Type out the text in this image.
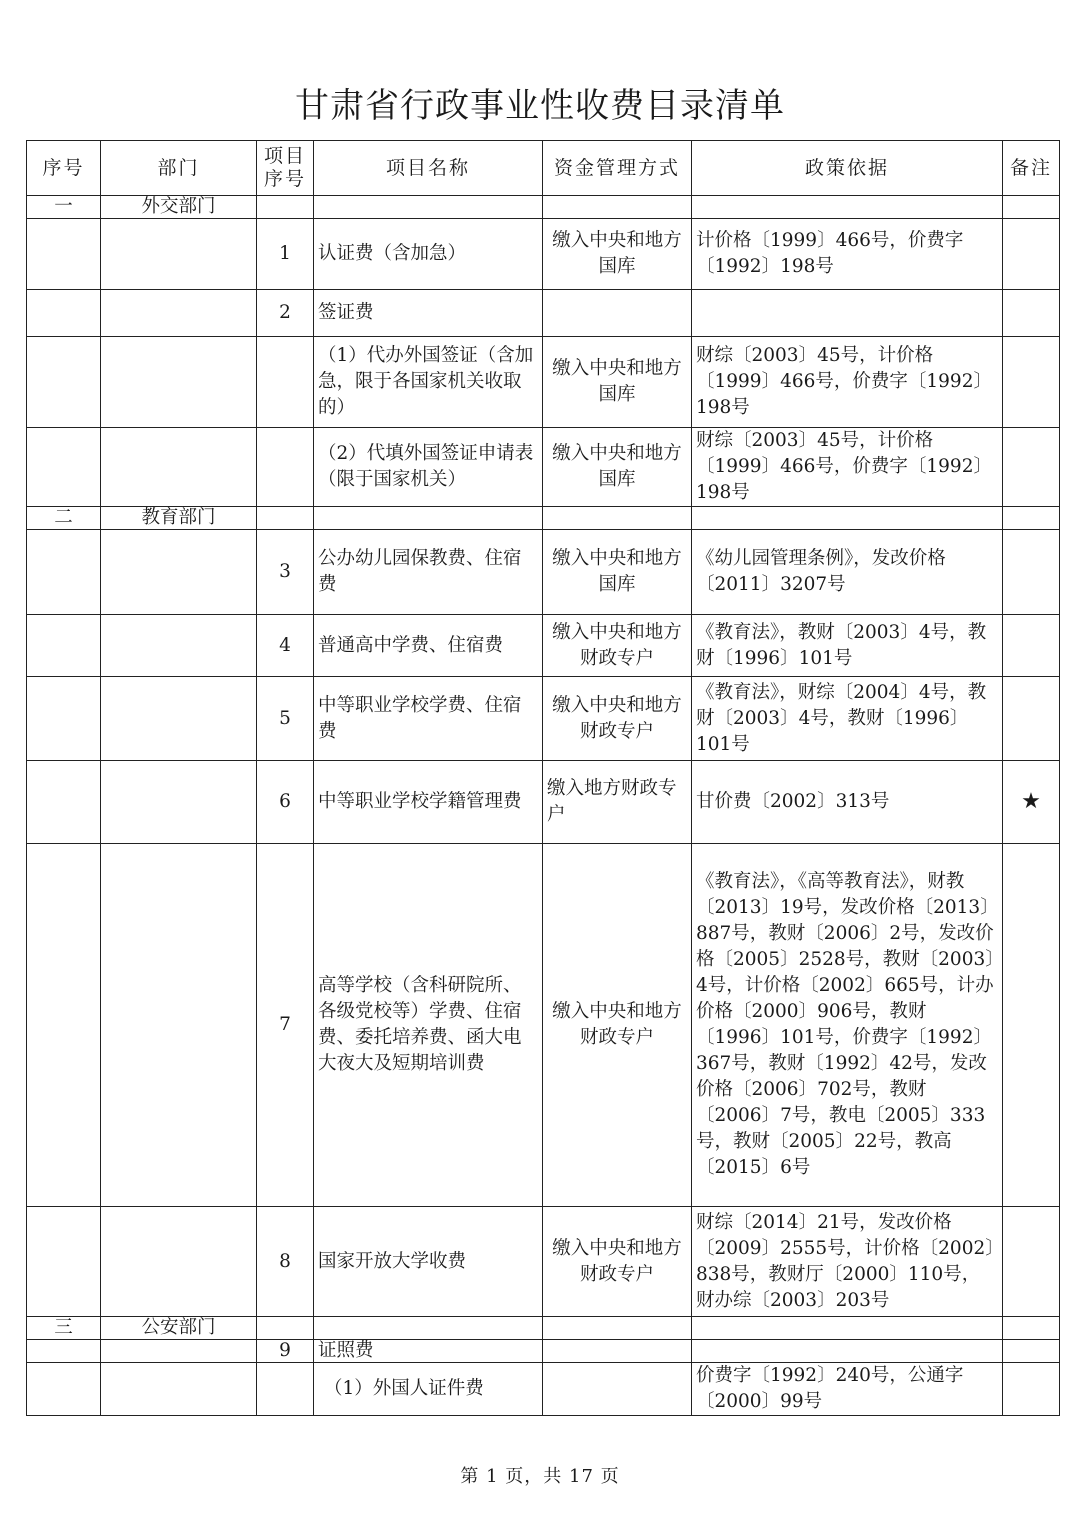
甘肃省行政事业性收费目录清单
序号	部门	项目序号	项目名称	资金管理方式	政策依据	备注
一	外交部门					
		1	认证费（含加急）	缴入中央和地方国库	计价格〔1999〕466号，价费字〔1992〕198号	
		2	签证费			
			（1）代办外国签证（含加急，限于各国家机关收取的）	缴入中央和地方国库	财综〔2003〕45号，计价格〔1999〕466号，价费字〔1992〕198号	
			（2）代填外国签证申请表（限于国家机关）	缴入中央和地方国库	财综〔2003〕45号，计价格〔1999〕466号，价费字〔1992〕198号	
二	教育部门					
		3	公办幼儿园保教费、住宿费	缴入中央和地方国库	《幼儿园管理条例》，发改价格〔2011〕3207号	
		4	普通高中学费、住宿费	缴入中央和地方财政专户	《教育法》，教财〔2003〕4号，教财〔1996〕101号	
		5	中等职业学校学费、住宿费	缴入中央和地方财政专户	《教育法》，财综〔2004〕4号，教财〔2003〕4号，教财〔1996〕101号	
		6	中等职业学校学籍管理费	缴入地方财政专户	甘价费〔2002〕313号	★
		7	高等学校（含科研院所、各级党校等）学费、住宿费、委托培养费、函大电大夜大及短期培训费	缴入中央和地方财政专户	《教育法》，《高等教育法》，财教〔2013〕19号，发改价格〔2013〕887号，教财〔2006〕2号，发改价格〔2005〕2528号，教财〔2003〕4号，计价格〔2002〕665号，计办价格〔2000〕906号，教财〔1996〕101号，价费字〔1992〕367号，教财〔1992〕42号，发改价格〔2006〕702号，教财〔2006〕7号，教电〔2005〕333号，教财〔2005〕22号，教高〔2015〕6号	
		8	国家开放大学收费	缴入中央和地方财政专户	财综〔2014〕21号，发改价格〔2009〕2555号，计价格〔2002〕838号，教财厅〔2000〕110号，财办综〔2003〕203号	
三	公安部门					
		9	证照费			
			（1）外国人证件费		价费字〔1992〕240号，公通字〔2000〕99号	
第 1 页，共 17 页
